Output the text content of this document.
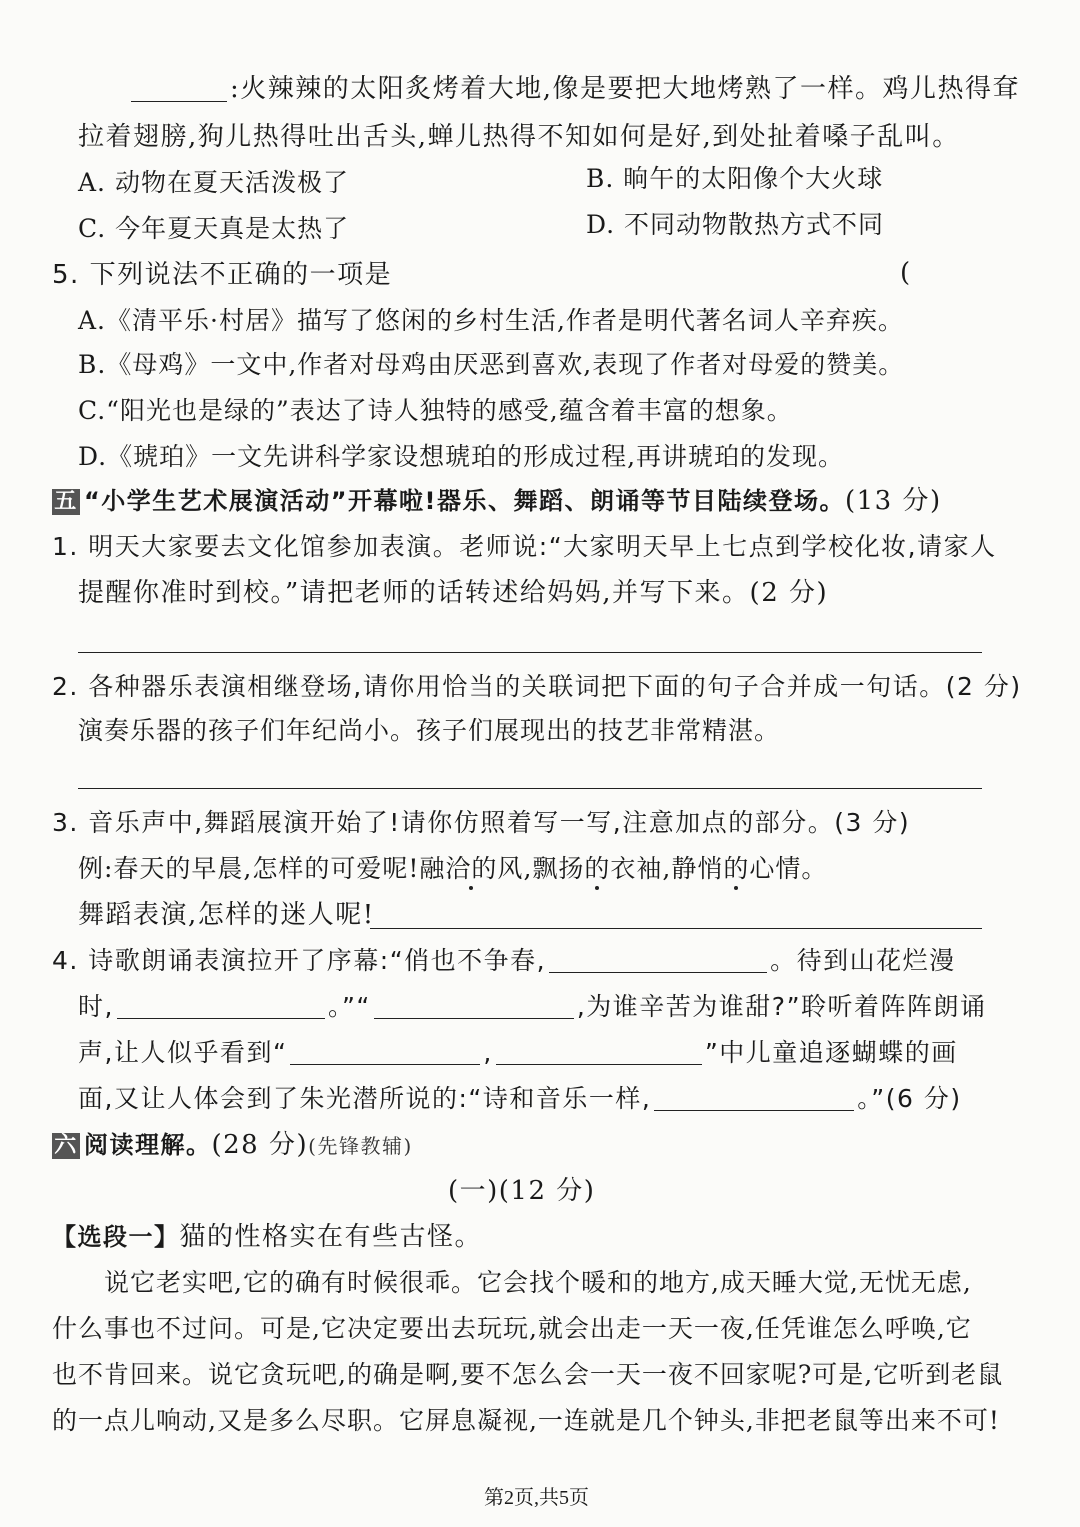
:火辣辣的太阳炙烤着大地,像是要把大地烤熟了一样。鸡儿热得耷
拉着翅膀,狗儿热得吐出舌头,蝉儿热得不知如何是好,到处扯着嗓子乱叫。
A. 动物在夏天活泼极了	B. 晌午的太阳像个大火球
C. 今年夏天真是太热了	D. 不同动物散热方式不同
5. 下列说法不正确的一项是	(
A.《清平乐·村居》描写了悠闲的乡村生活,作者是明代著名词人辛弃疾。
B.《母鸡》一文中,作者对母鸡由厌恶到喜欢,表现了作者对母爱的赞美。
C.“阳光也是绿的”表达了诗人独特的感受,蕴含着丰富的想象。
D.《琥珀》一文先讲科学家设想琥珀的形成过程,再讲琥珀的发现。
五 “小学生艺术展演活动”开幕啦!器乐、舞蹈、朗诵等节目陆续登场。(13 分)
1. 明天大家要去文化馆参加表演。老师说:“大家明天早上七点到学校化妆,请家人
提醒你准时到校。”请把老师的话转述给妈妈,并写下来。(2 分)
2. 各种器乐表演相继登场,请你用恰当的关联词把下面的句子合并成一句话。(2 分)
演奏乐器的孩子们年纪尚小。孩子们展现出的技艺非常精湛。
3. 音乐声中,舞蹈展演开始了!请你仿照着写一写,注意加点的部分。(3 分)
例:春天的早晨,怎样的可爱呢!融洽的风,飘扬的衣袖,静悄的心情。
舞蹈表演,怎样的迷人呢!
4. 诗歌朗诵表演拉开了序幕:“俏也不争春,	。待到山花烂漫
时,	。”“	,为谁辛苦为谁甜?”聆听着阵阵朗诵
声,让人似乎看到“	,	”中儿童追逐蝴蝶的画
面,又让人体会到了朱光潜所说的:“诗和音乐一样,	。”(6 分)
六 阅读理解。(28 分)(先锋教辅)
(一)(12 分)
【选段一】猫的性格实在有些古怪。
说它老实吧,它的确有时候很乖。它会找个暖和的地方,成天睡大觉,无忧无虑,
什么事也不过问。可是,它决定要出去玩玩,就会出走一天一夜,任凭谁怎么呼唤,它
也不肯回来。说它贪玩吧,的确是啊,要不怎么会一天一夜不回家呢?可是,它听到老鼠
的一点儿响动,又是多么尽职。它屏息凝视,一连就是几个钟头,非把老鼠等出来不可!
第2页,共5页
